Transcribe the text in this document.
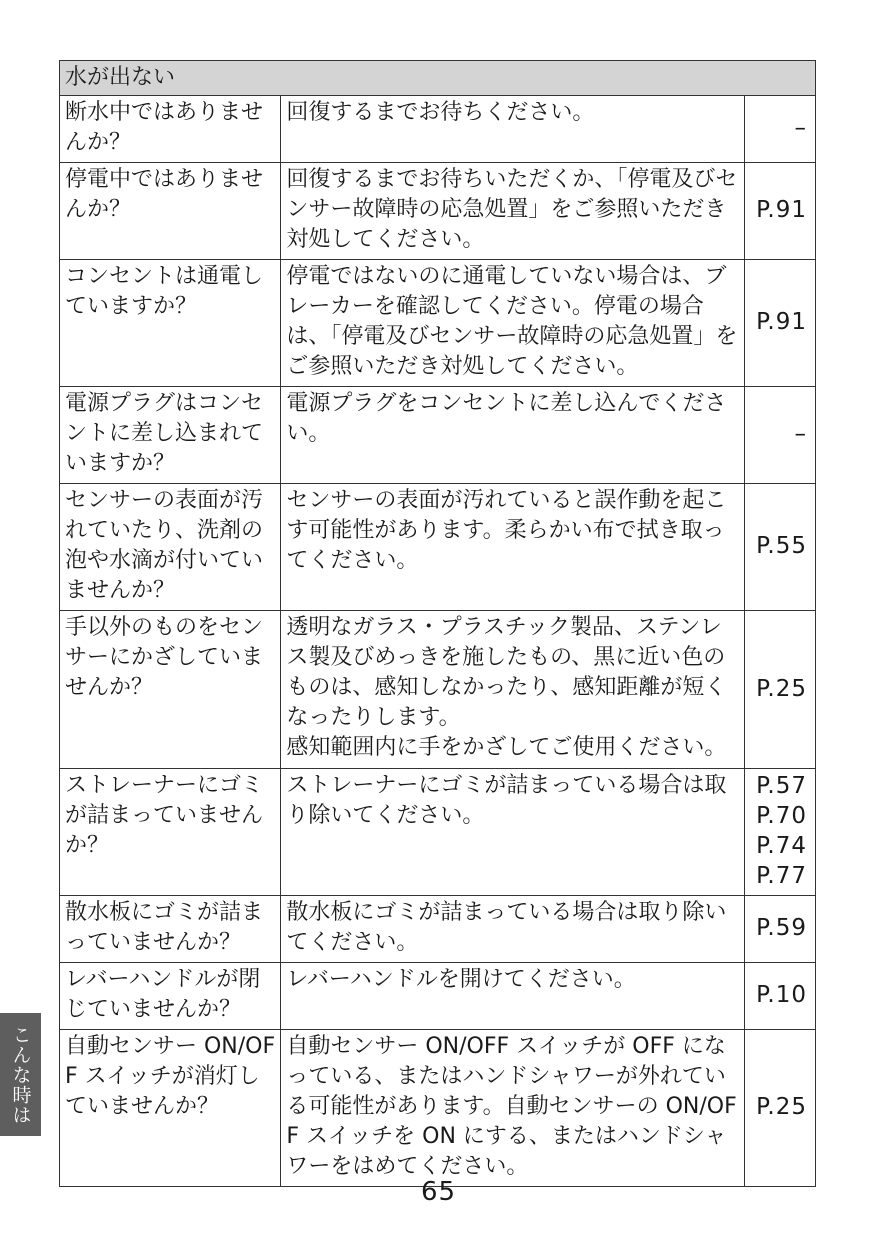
水が出ない		
断水中ではありませんか？	回復するまでお待ちください。	–

停電中ではありませんか？	回復するまでお待ちいただくか、「停電及びセンサー故障時の応急処置」をご参照いただき対処してください。	P.91

コンセントは通電していますか？	停電ではないのに通電していない場合は、ブレーカーを確認してください。停電の場合は、「停電及びセンサー故障時の応急処置」をご参照いただき対処してください。	P.91

電源プラグはコンセントに差し込まれていますか？	電源プラグをコンセントに差し込んでください。	–

センサーの表面が汚れていたり、洗剤の泡や水滴が付いていませんか？	センサーの表面が汚れていると誤作動を起こす可能性があります。柔らかい布で拭き取ってください。	P.55

手以外のものをセンサーにかざしていませんか？	透明なガラス・プラスチック製品、ステンレス製及びめっきを施したもの、黒に近い色のものは、感知しなかったり、感知距離が短くなったりします。
感知範囲内に手をかざしてご使用ください。	P.25

ストレーナーにゴミが詰まっていませんか？	ストレーナーにゴミが詰まっている場合は取り除いてください。	P.57
P.70
P.74
P.77

散水板にゴミが詰まっていませんか？	散水板にゴミが詰まっている場合は取り除いてください。	P.59

レバーハンドルが閉じていませんか？	レバーハンドルを開けてください。	P.10

自動センサー ON/OFF スイッチが消灯していませんか？	自動センサー ON/OFF スイッチが OFF になっている、またはハンドシャワーが外れている可能性があります。自動センサーの ON/OFF スイッチを ON にする、またはハンドシャワーをはめてください。	P.25
こんな時は
65
